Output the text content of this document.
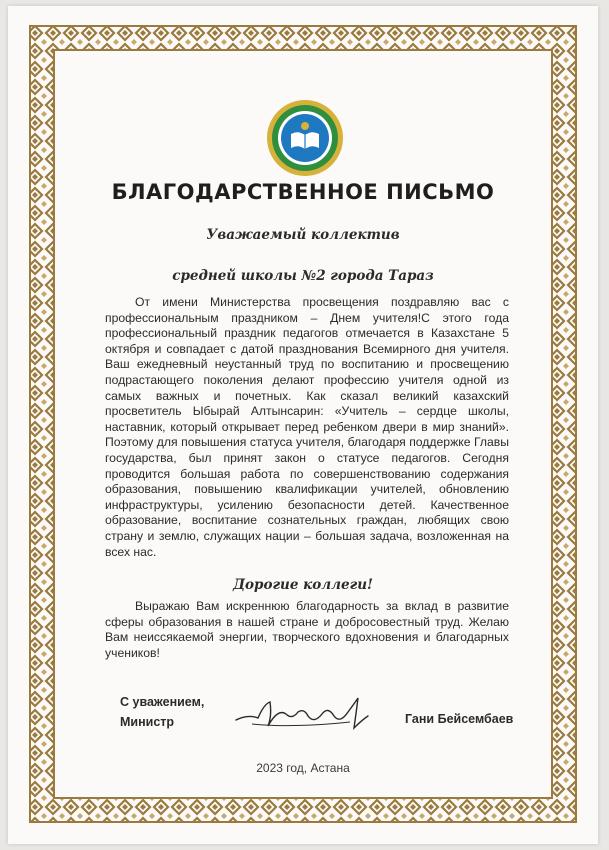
БЛАГОДАРСТВЕННОЕ ПИСЬМО
Уважаемый коллектив
средней школы №2 города Тараз

От имени Министерства просвещения поздравляю вас с профессиональным праздником – Днем учителя!С этого года профессиональный праздник педагогов отмечается в Казахстане 5 октября и совпадает с датой празднования Всемирного дня учителя. Ваш ежедневный неустанный труд по воспитанию и просвещению подрастающего поколения делают профессию учителя одной из самых важных и почетных. Как сказал великий казахский просветитель Ыбырай Алтынсарин: «Учитель – сердце школы, наставник, который открывает перед ребенком двери в мир знаний». Поэтому для повышения статуса учителя, благодаря поддержке Главы государства, был принят закон о статусе педагогов. Сегодня проводится большая работа по совершенствованию содержания образования, повышению квалификации учителей, обновлению инфраструктуры, усилению безопасности детей. Качественное образование, воспитание сознательных граждан, любящих свою страну и землю, служащих нации – большая задача, возложенная на всех нас.

Дорогие коллеги!

Выражаю Вам искреннюю благодарность за вклад в развитие сферы образования в нашей стране и добросовестный труд. Желаю Вам неиссякаемой энергии, творческого вдохновения и благодарных учеников!

С уважением,
Министр	Гани Бейсембаев
2023 год, Астана
